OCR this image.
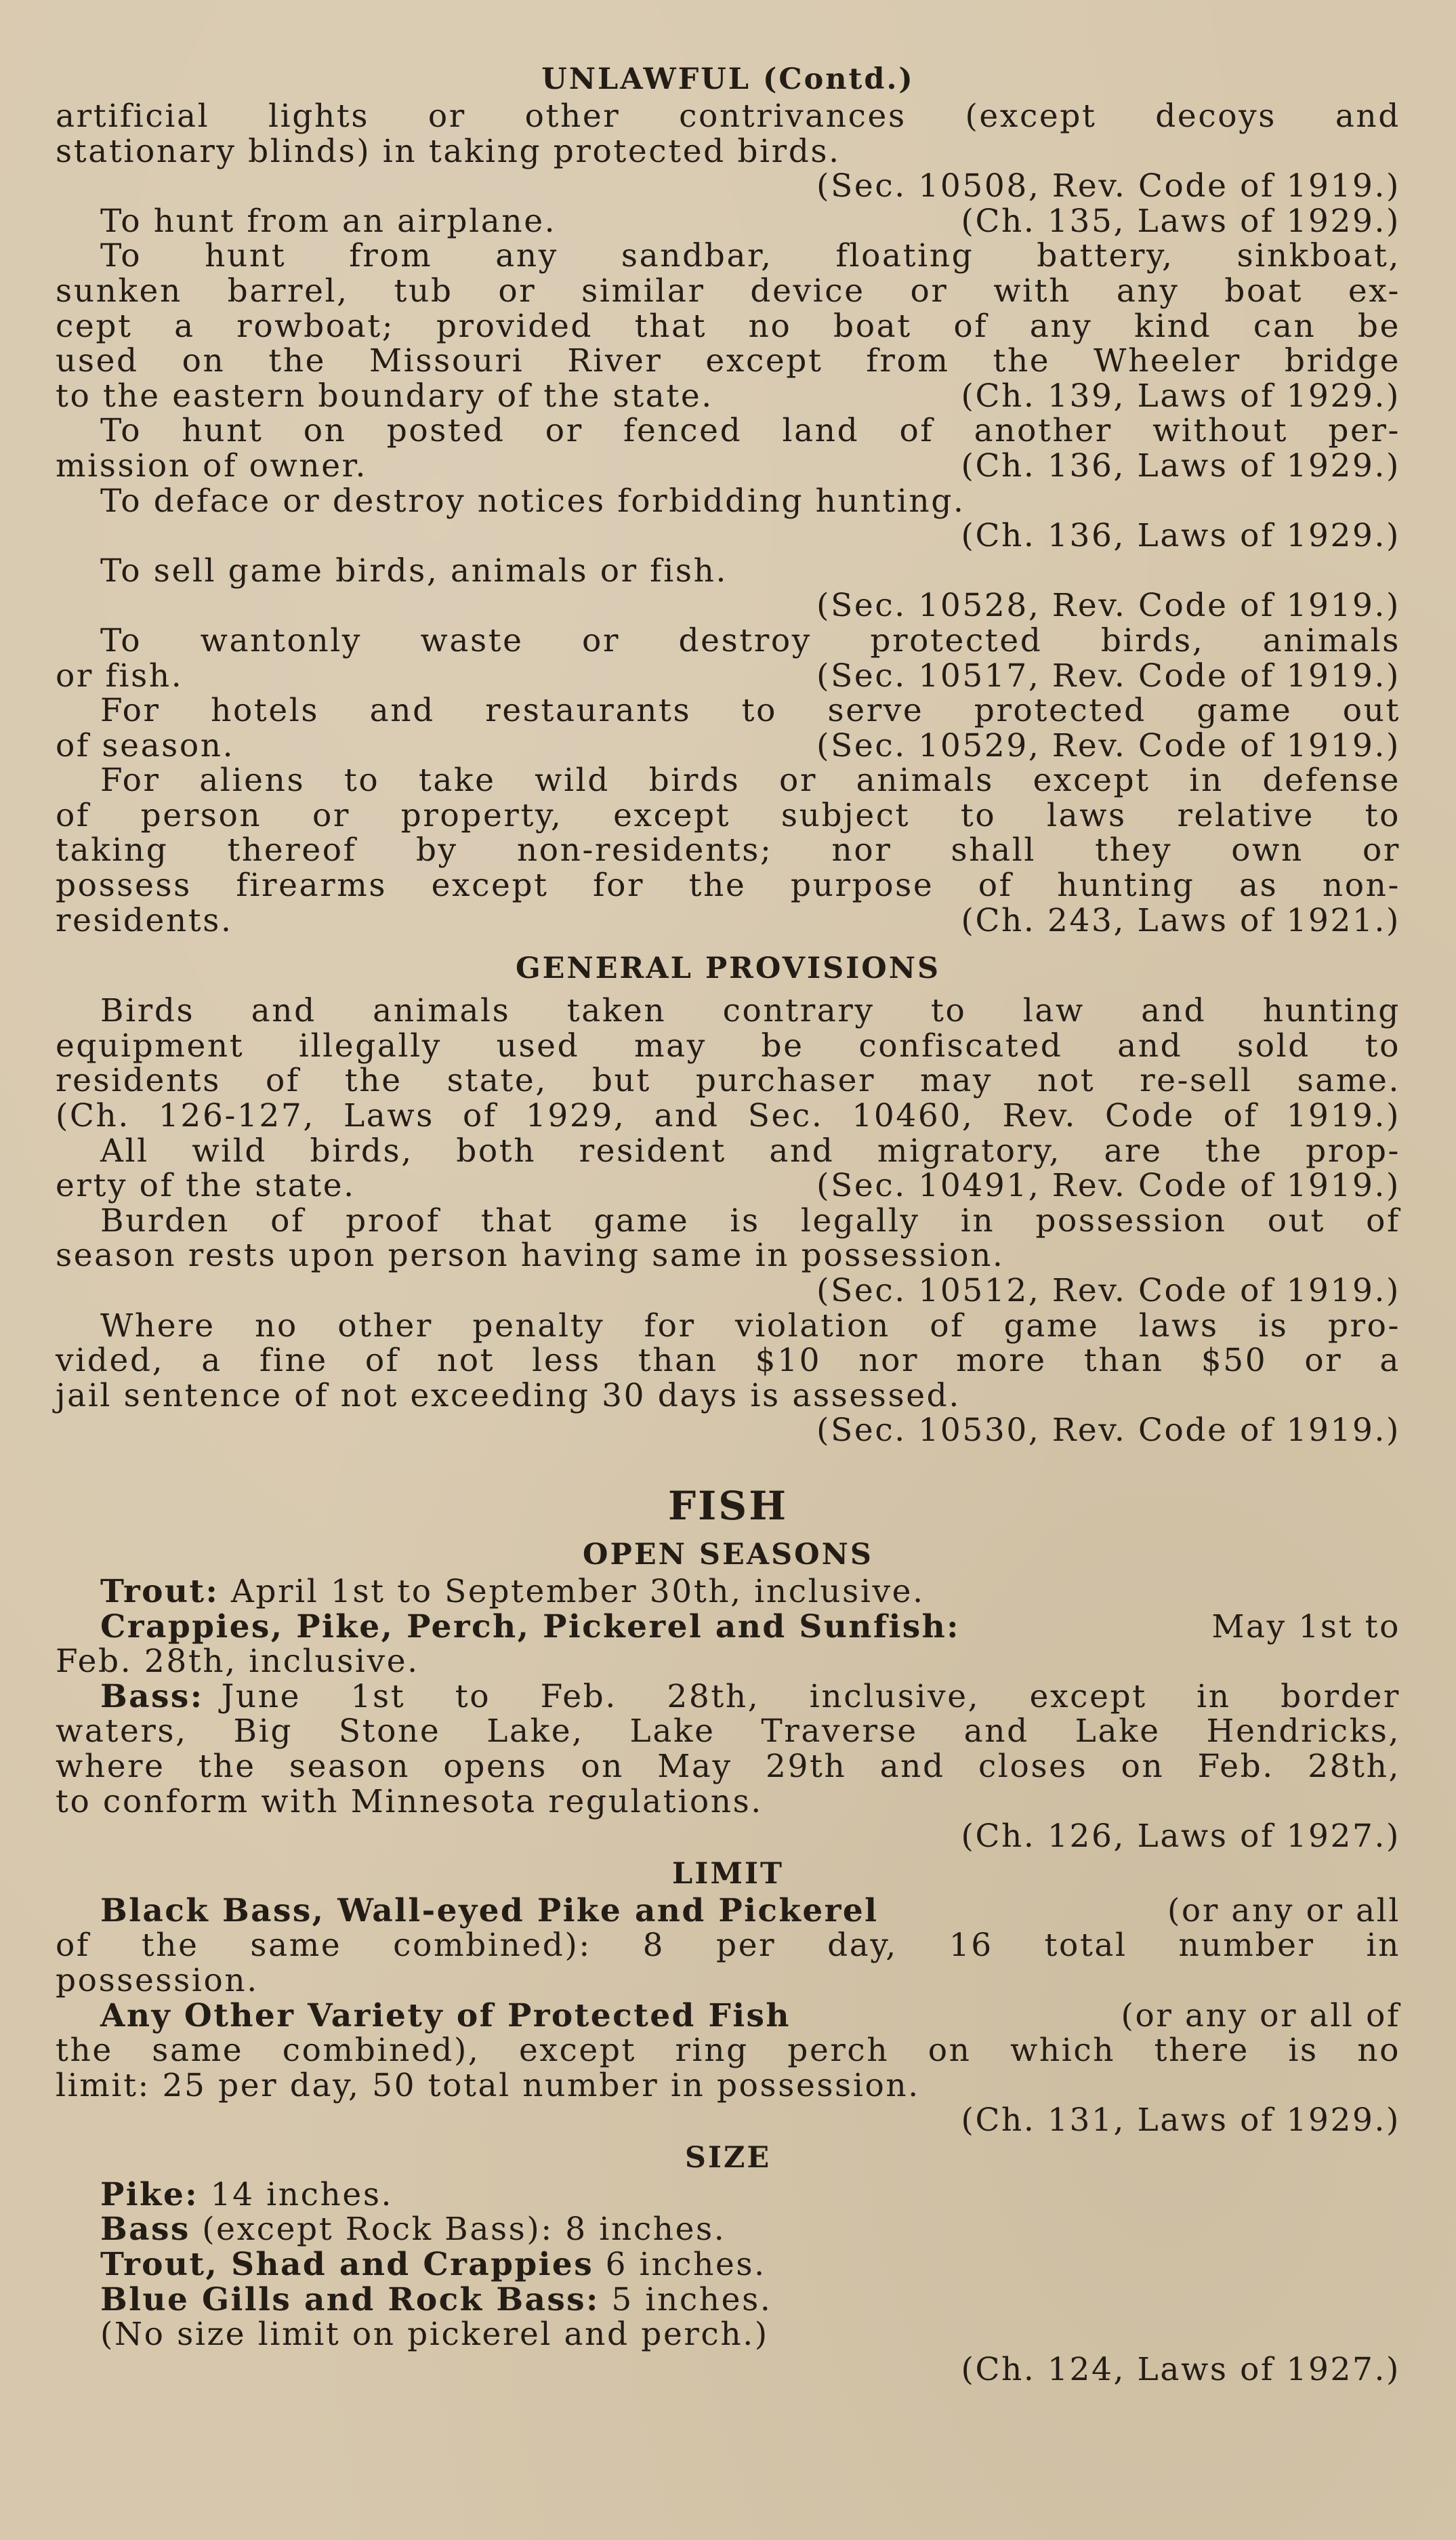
UNLAWFUL (Contd.)
artificial lights or other contrivances (except decoys and
stationary blinds) in taking protected birds.
(Sec. 10508, Rev. Code of 1919.)
To hunt from an airplane.	(Ch. 135, Laws of 1929.)
To hunt from any sandbar, floating battery, sinkboat,
sunken barrel, tub or similar device or with any boat ex-
cept a rowboat; provided that no boat of any kind can be
used on the Missouri River except from the Wheeler bridge
to the eastern boundary of the state.	(Ch. 139, Laws of 1929.)
To hunt on posted or fenced land of another without per-
mission of owner.	(Ch. 136, Laws of 1929.)
To deface or destroy notices forbidding hunting.
(Ch. 136, Laws of 1929.)
To sell game birds, animals or fish.
(Sec. 10528, Rev. Code of 1919.)
To wantonly waste or destroy protected birds, animals
or fish.	(Sec. 10517, Rev. Code of 1919.)
For hotels and restaurants to serve protected game out
of season.	(Sec. 10529, Rev. Code of 1919.)
For aliens to take wild birds or animals except in defense
of person or property, except subject to laws relative to
taking thereof by non-residents; nor shall they own or
possess firearms except for the purpose of hunting as non-
residents.	(Ch. 243, Laws of 1921.)
GENERAL PROVISIONS
Birds and animals taken contrary to law and hunting
equipment illegally used may be confiscated and sold to
residents of the state, but purchaser may not re-sell same.
(Ch. 126-127, Laws of 1929, and Sec. 10460, Rev. Code of 1919.)
All wild birds, both resident and migratory, are the prop-
erty of the state.	(Sec. 10491, Rev. Code of 1919.)
Burden of proof that game is legally in possession out of
season rests upon person having same in possession.
(Sec. 10512, Rev. Code of 1919.)
Where no other penalty for violation of game laws is pro-
vided, a fine of not less than $10 nor more than $50 or a
jail sentence of not exceeding 30 days is assessed.
(Sec. 10530, Rev. Code of 1919.)
FISH
OPEN SEASONS
Trout: April 1st to September 30th, inclusive.
Crappies, Pike, Perch, Pickerel and Sunfish:	May 1st to
Feb. 28th, inclusive.
Bass: June 1st to Feb. 28th, inclusive, except in border
waters, Big Stone Lake, Lake Traverse and Lake Hendricks,
where the season opens on May 29th and closes on Feb. 28th,
to conform with Minnesota regulations.
(Ch. 126, Laws of 1927.)
LIMIT
Black Bass, Wall-eyed Pike and Pickerel	(or any or all
of the same combined): 8 per day, 16 total number in
possession.
Any Other Variety of Protected Fish	(or any or all of
the same combined), except ring perch on which there is no
limit: 25 per day, 50 total number in possession.
(Ch. 131, Laws of 1929.)
SIZE
Pike: 14 inches.
Bass (except Rock Bass): 8 inches.
Trout, Shad and Crappies 6 inches.
Blue Gills and Rock Bass: 5 inches.
(No size limit on pickerel and perch.)
(Ch. 124, Laws of 1927.)
